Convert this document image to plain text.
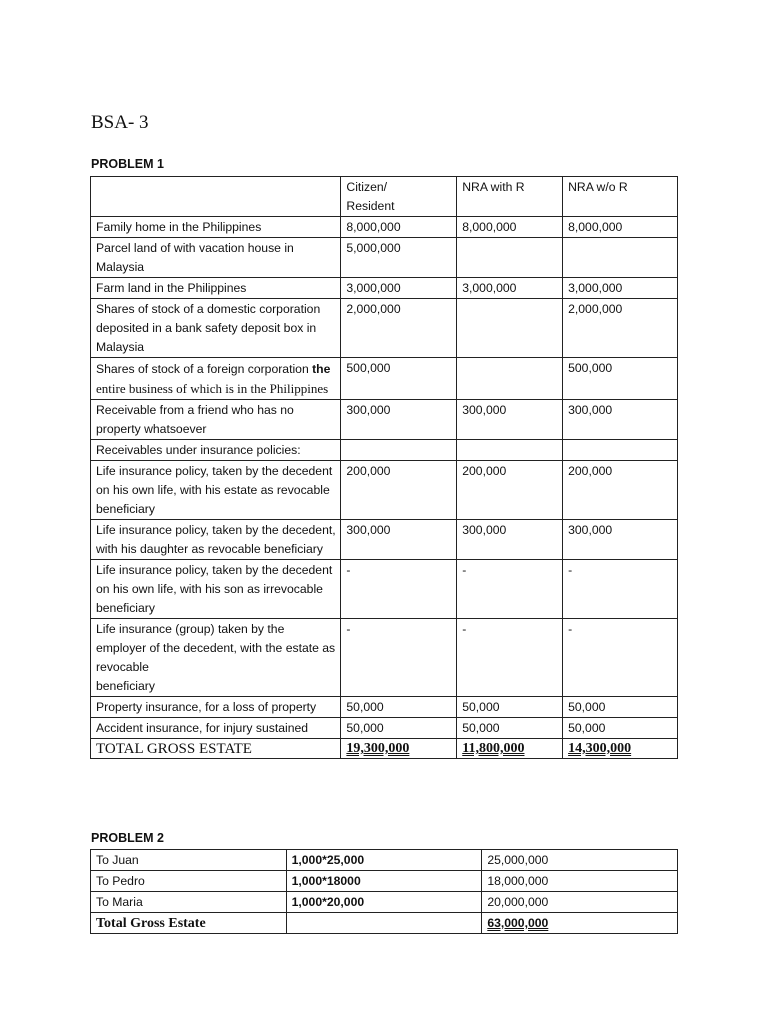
BSA- 3
PROBLEM 1
	Citizen/
Resident	NRA with R	NRA w/o R
Family home in the Philippines	8,000,000	8,000,000	8,000,000
Parcel land of with vacation house in Malaysia	5,000,000		
Farm land in the Philippines	3,000,000	3,000,000	3,000,000
Shares of stock of a domestic corporation deposited in a bank safety deposit box in Malaysia	2,000,000		2,000,000
Shares of stock of a foreign corporation the entire business of which is in the Philippines	500,000		500,000
Receivable from a friend who has no property whatsoever	300,000	300,000	300,000
Receivables under insurance policies:			
Life insurance policy, taken by the decedent on his own life, with his estate as revocable beneficiary	200,000	200,000	200,000
Life insurance policy, taken by the decedent, with his daughter as revocable beneficiary	300,000	300,000	300,000
Life insurance policy, taken by the decedent on his own life, with his son as irrevocable beneficiary	-	-	-
Life insurance (group) taken by the employer of the decedent, with the estate as revocable
beneficiary	-	-	-
Property insurance, for a loss of property	50,000	50,000	50,000
Accident insurance, for injury sustained	50,000	50,000	50,000
TOTAL GROSS ESTATE	19,300,000	11,800,000	14,300,000
PROBLEM 2
To Juan	1,000*25,000	25,000,000
To Pedro	1,000*18000	18,000,000
To Maria	1,000*20,000	20,000,000
Total Gross Estate		63,000,000
